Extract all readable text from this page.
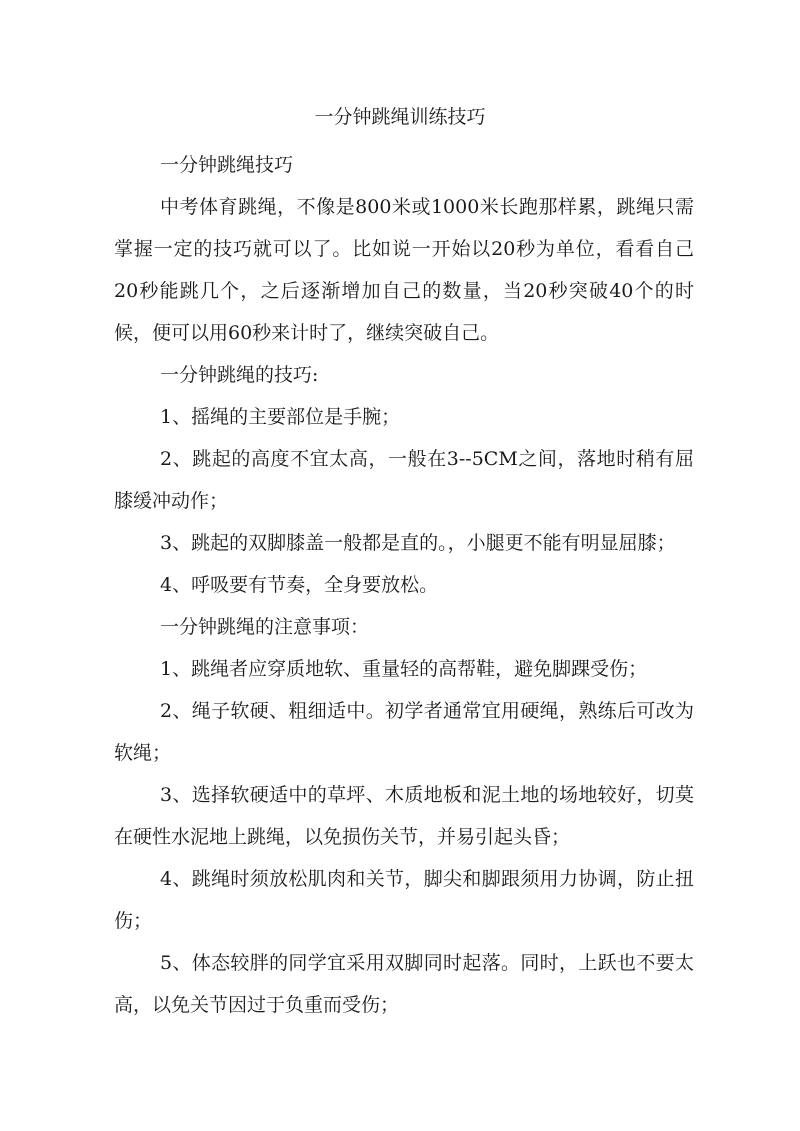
一分钟跳绳训练技巧

一分钟跳绳技巧

中考体育跳绳，不像是800米或1000米长跑那样累，跳绳只需掌握一定的技巧就可以了。比如说一开始以20秒为单位，看看自己20秒能跳几个，之后逐渐增加自己的数量，当20秒突破40个的时候，便可以用60秒来计时了，继续突破自己。

一分钟跳绳的技巧:

1、摇绳的主要部位是手腕；

2、跳起的高度不宜太高，一般在3--5CM之间，落地时稍有屈膝缓冲动作；

3、跳起的双脚膝盖一般都是直的。，小腿更不能有明显屈膝；

4、呼吸要有节奏，全身要放松。

一分钟跳绳的注意事项：

1、跳绳者应穿质地软、重量轻的高帮鞋，避免脚踝受伤；

2、绳子软硬、粗细适中。初学者通常宜用硬绳，熟练后可改为软绳；

3、选择软硬适中的草坪、木质地板和泥土地的场地较好，切莫在硬性水泥地上跳绳，以免损伤关节，并易引起头昏；

4、跳绳时须放松肌肉和关节，脚尖和脚跟须用力协调，防止扭伤；

5、体态较胖的同学宜采用双脚同时起落。同时，上跃也不要太高，以免关节因过于负重而受伤；
